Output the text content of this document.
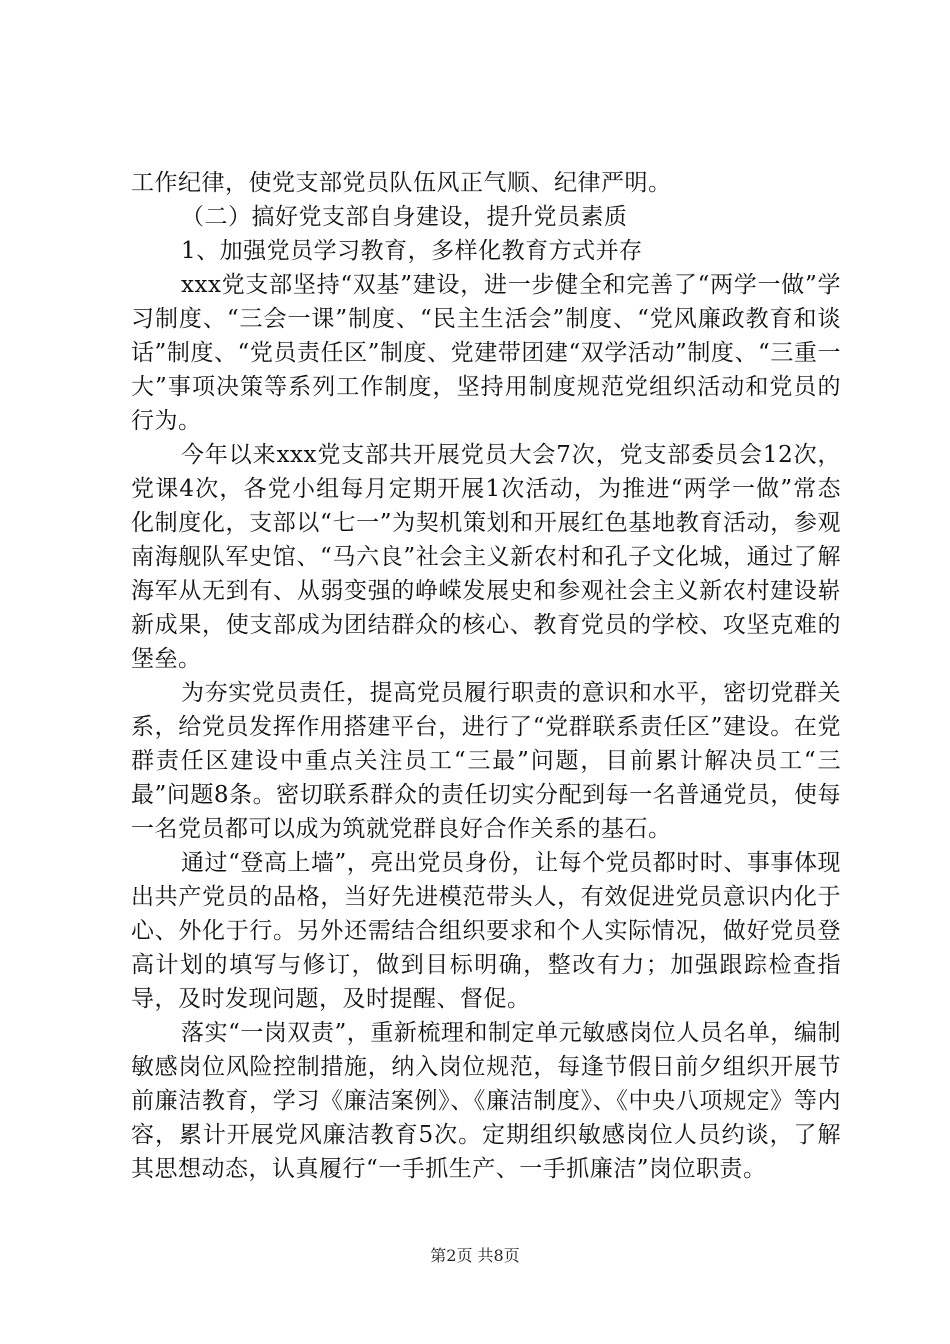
工作纪律，使党支部党员队伍风正气顺、纪律严明。

（二）搞好党支部自身建设，提升党员素质

1、加强党员学习教育，多样化教育方式并存

xxx党支部坚持“双基”建设，进一步健全和完善了“两学一做”学习制度、“三会一课”制度、“民主生活会”制度、“党风廉政教育和谈话”制度、“党员责任区”制度、党建带团建“双学活动”制度、“三重一大”事项决策等系列工作制度，坚持用制度规范党组织活动和党员的行为。

今年以来xxx党支部共开展党员大会7次，党支部委员会12次，党课4次，各党小组每月定期开展1次活动，为推进“两学一做”常态化制度化，支部以“七一”为契机策划和开展红色基地教育活动，参观南海舰队军史馆、“马六良”社会主义新农村和孔子文化城，通过了解海军从无到有、从弱变强的峥嵘发展史和参观社会主义新农村建设崭新成果，使支部成为团结群众的核心、教育党员的学校、攻坚克难的堡垒。

为夯实党员责任，提高党员履行职责的意识和水平，密切党群关系，给党员发挥作用搭建平台，进行了“党群联系责任区”建设。在党群责任区建设中重点关注员工“三最”问题，目前累计解决员工“三最”问题8条。密切联系群众的责任切实分配到每一名普通党员，使每一名党员都可以成为筑就党群良好合作关系的基石。

通过“登高上墙”，亮出党员身份，让每个党员都时时、事事体现出共产党员的品格，当好先进模范带头人，有效促进党员意识内化于心、外化于行。另外还需结合组织要求和个人实际情况，做好党员登高计划的填写与修订，做到目标明确，整改有力；加强跟踪检查指导，及时发现问题，及时提醒、督促。

落实“一岗双责”，重新梳理和制定单元敏感岗位人员名单，编制敏感岗位风险控制措施，纳入岗位规范，每逢节假日前夕组织开展节前廉洁教育，学习《廉洁案例》、《廉洁制度》、《中央八项规定》等内容，累计开展党风廉洁教育5次。定期组织敏感岗位人员约谈，了解其思想动态，认真履行“一手抓生产、一手抓廉洁”岗位职责。

第2页 共8页
